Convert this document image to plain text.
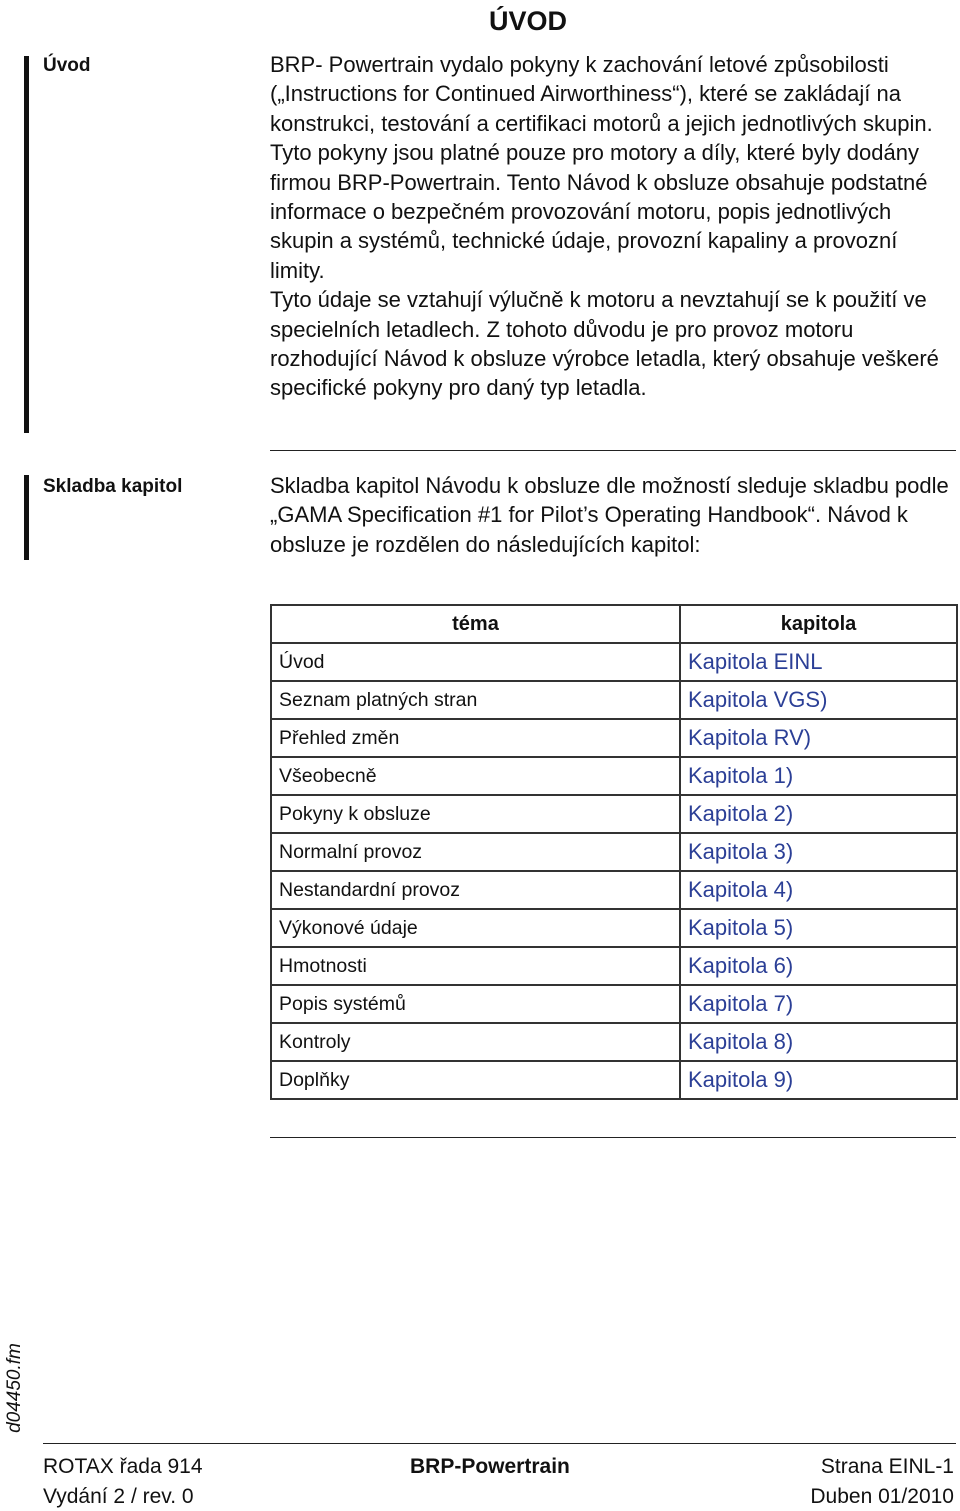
ÚVOD
Úvod	BRP- Powertrain vydalo pokyny k zachování letové způsobilosti („Instructions for Continued Airworthiness“), které se zakládají na konstrukci, testování a certifikaci motorů a jejich jednotlivých skupin.

Tyto pokyny jsou platné pouze pro motory a díly, které byly dodány firmou BRP-Powertrain. Tento Návod k obsluze obsahuje podstatné informace o bezpečném provozování motoru, popis jednotlivých skupin a systémů, technické údaje, provozní kapaliny a provozní limity.

Tyto údaje se vztahují výlučně k motoru a nevztahují se k použití ve specielních letadlech. Z tohoto důvodu je pro provoz motoru rozhodující Návod k obsluze výrobce letadla, který obsahuje veškeré specifické pokyny pro daný typ letadla.

Skladba kapitol	Skladba kapitol Návodu k obsluze dle možností sleduje skladbu podle „GAMA Specification #1 for Pilot’s Operating Handbook“. Návod k obsluze je rozdělen do následujících kapitol:

téma	kapitola
Úvod	Kapitola EINL
Seznam platných stran	Kapitola VGS)
Přehled změn	Kapitola RV)
Všeobecně	Kapitola 1)
Pokyny k obsluze	Kapitola 2)
Normalní provoz	Kapitola 3)
Nestandardní provoz	Kapitola 4)
Výkonové údaje	Kapitola 5)
Hmotnosti	Kapitola 6)
Popis systémů	Kapitola 7)
Kontroly	Kapitola 8)
Doplňky	Kapitola 9)
d04450.fm
ROTAX řada 914
Vydání 2 / rev. 0
BRP-Powertrain	Strana EINL-1
Duben 01/2010
